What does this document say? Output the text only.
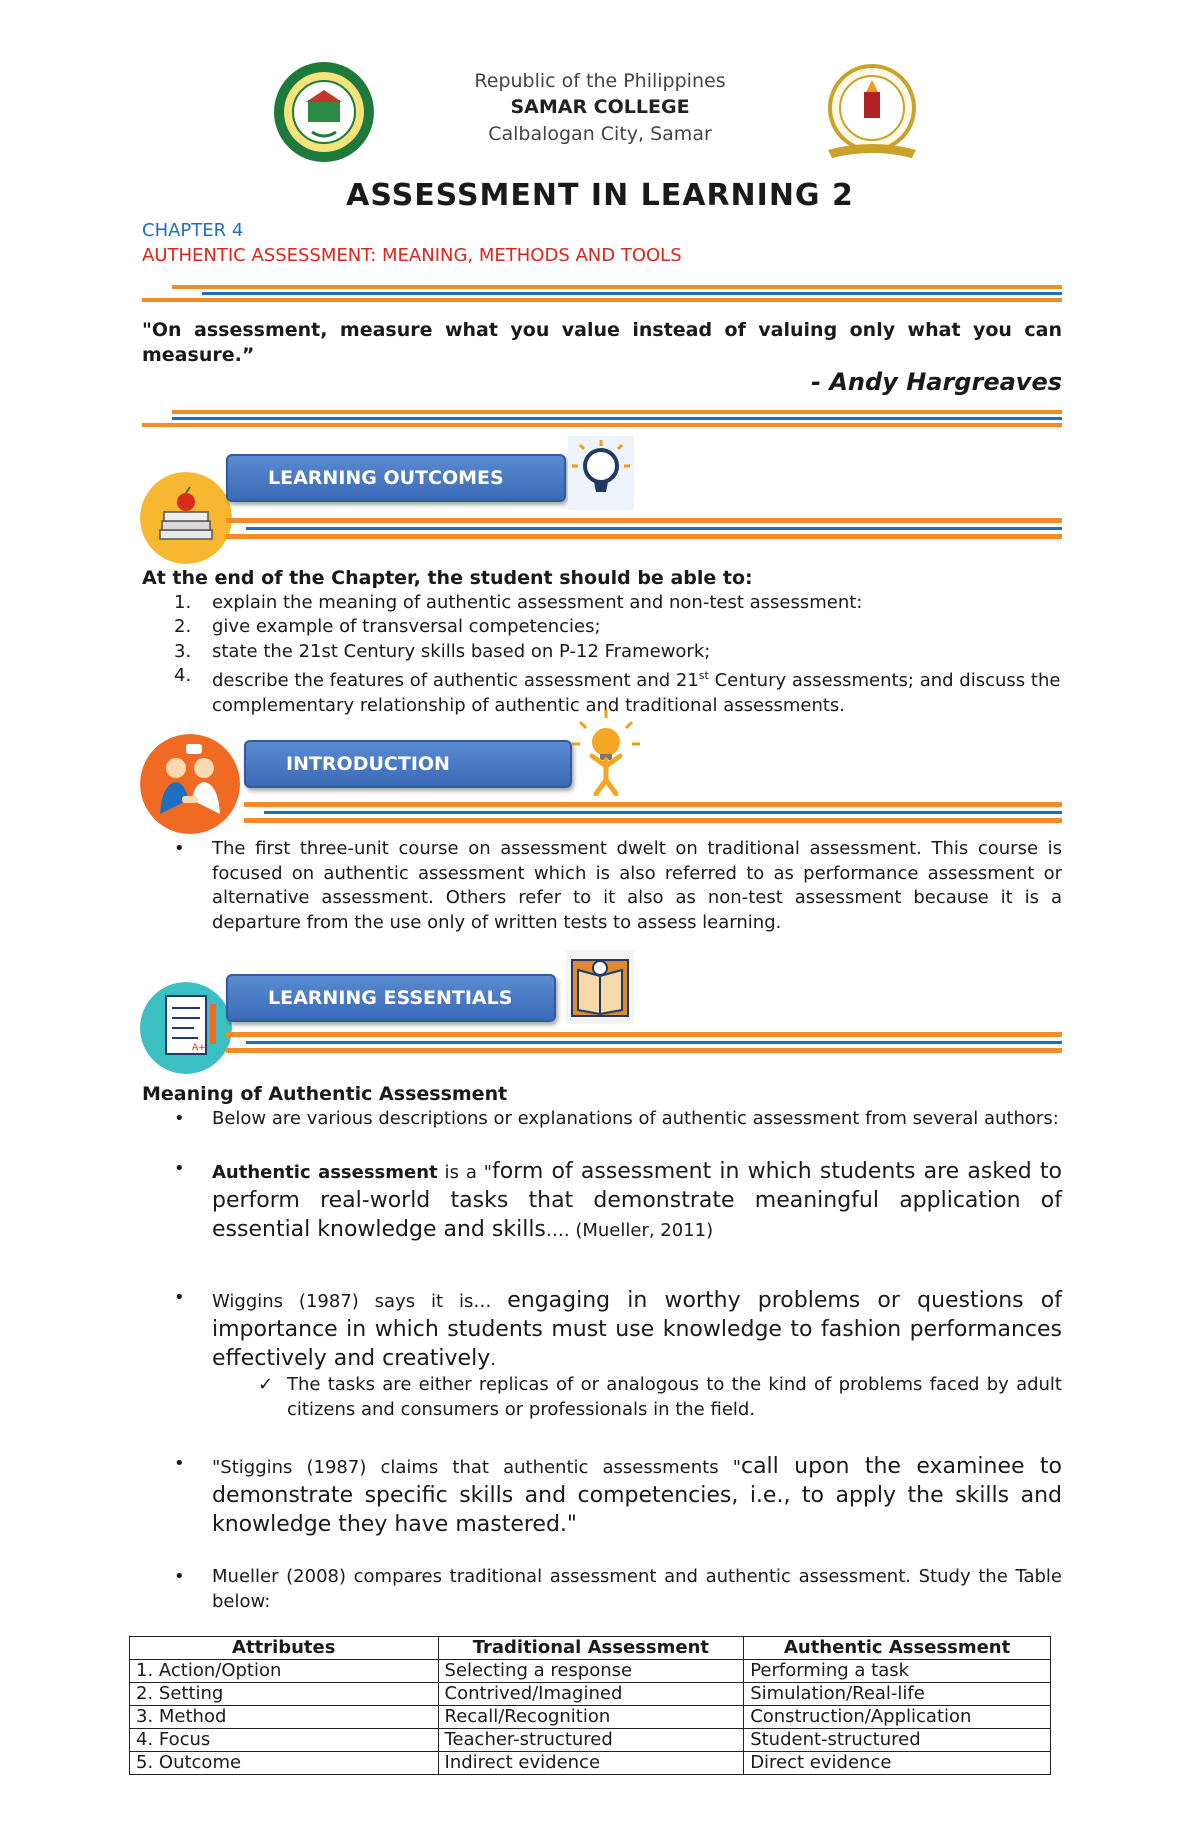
Republic of the Philippines
SAMAR COLLEGE
Calbalogan City, Samar
ASSESSMENT IN LEARNING 2
CHAPTER 4
AUTHENTIC ASSESSMENT: MEANING, METHODS AND TOOLS
"On assessment, measure what you value instead of valuing only what you can measure.”
- Andy Hargreaves
LEARNING OUTCOMES
At the end of the Chapter, the student should be able to:
1. explain the meaning of authentic assessment and non-test assessment:
2. give example of transversal competencies;
3. state the 21st Century skills based on P-12 Framework;
4. describe the features of authentic assessment and 21st Century assessments; and discuss the complementary relationship of authentic and traditional assessments.
INTRODUCTION
• The first three-unit course on assessment dwelt on traditional assessment. This course is focused on authentic assessment which is also referred to as performance assessment or alternative assessment. Others refer to it also as non-test assessment because it is a departure from the use only of written tests to assess learning.
A+
LEARNING ESSENTIALS
Meaning of Authentic Assessment
• Below are various descriptions or explanations of authentic assessment from several authors:
• Authentic assessment is a "form of assessment in which students are asked to perform real-world tasks that demonstrate meaningful application of essential knowledge and skills…. (Mueller, 2011)
• Wiggins (1987) says it is… engaging in worthy problems or questions of importance in which students must use knowledge to fashion performances effectively and creatively.
✓ The tasks are either replicas of or analogous to the kind of problems faced by adult citizens and consumers or professionals in the field.
• "Stiggins (1987) claims that authentic assessments "call upon the examinee to demonstrate specific skills and competencies, i.e., to apply the skills and knowledge they have mastered."
• Mueller (2008) compares traditional assessment and authentic assessment. Study the Table below:
Attributes	Traditional Assessment	Authentic Assessment
1. Action/Option	Selecting a response	Performing a task
2. Setting	Contrived/Imagined	Simulation/Real-life
3. Method	Recall/Recognition	Construction/Application
4. Focus	Teacher-structured	Student-structured
5. Outcome	Indirect evidence	Direct evidence
